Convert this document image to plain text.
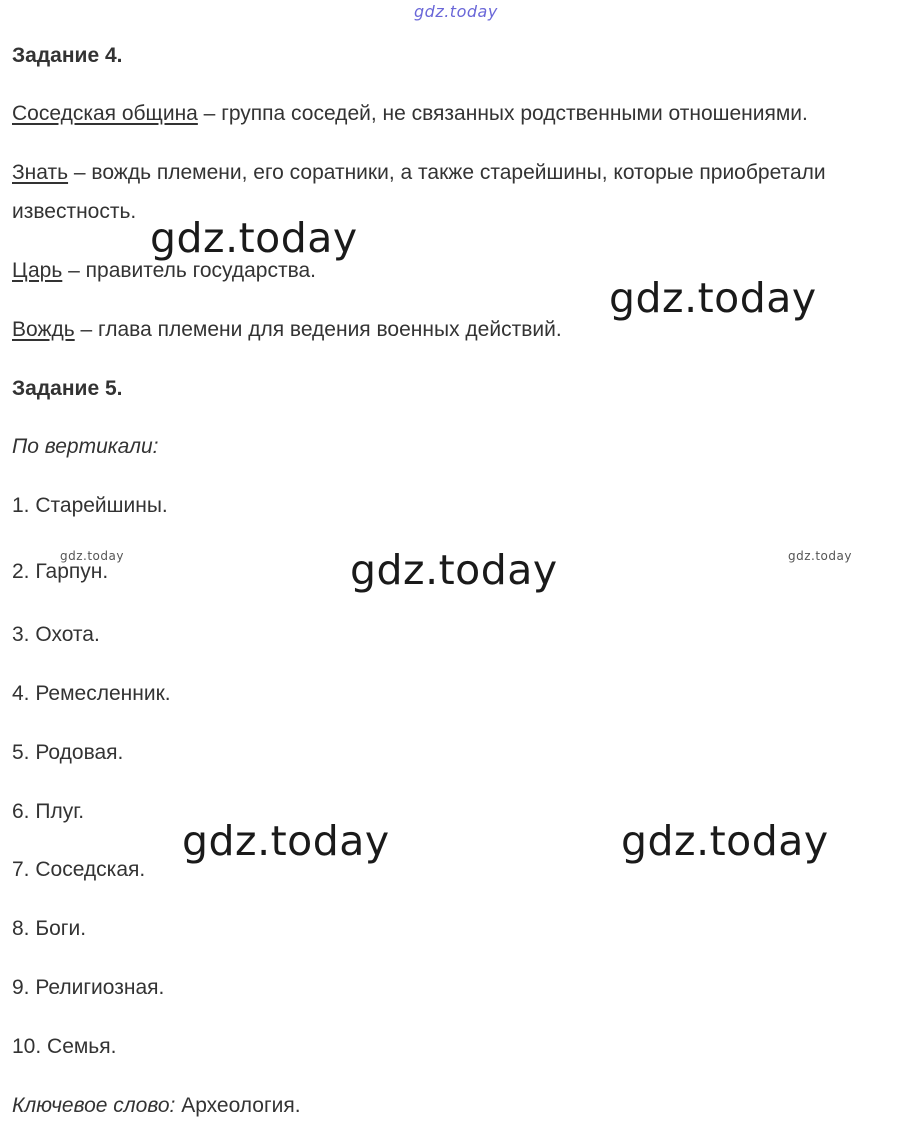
gdz.today
Задание 4.
Соседская община – группа соседей, не связанных родственными отношениями.
Знать – вождь племени, его соратники, а также старейшины, которые приобретали
известность.
Царь – правитель государства.
Вождь – глава племени для ведения военных действий.
Задание 5.
По вертикали:
1. Старейшины.
2. Гарпун.
3. Охота.
4. Ремесленник.
5. Родовая.
6. Плуг.
7. Соседская.
8. Боги.
9. Религиозная.
10. Семья.
Ключевое слово: Археология.
gdz.today
gdz.today
gdz.today
gdz.today	gdz.today
gdz.today	gdz.today
